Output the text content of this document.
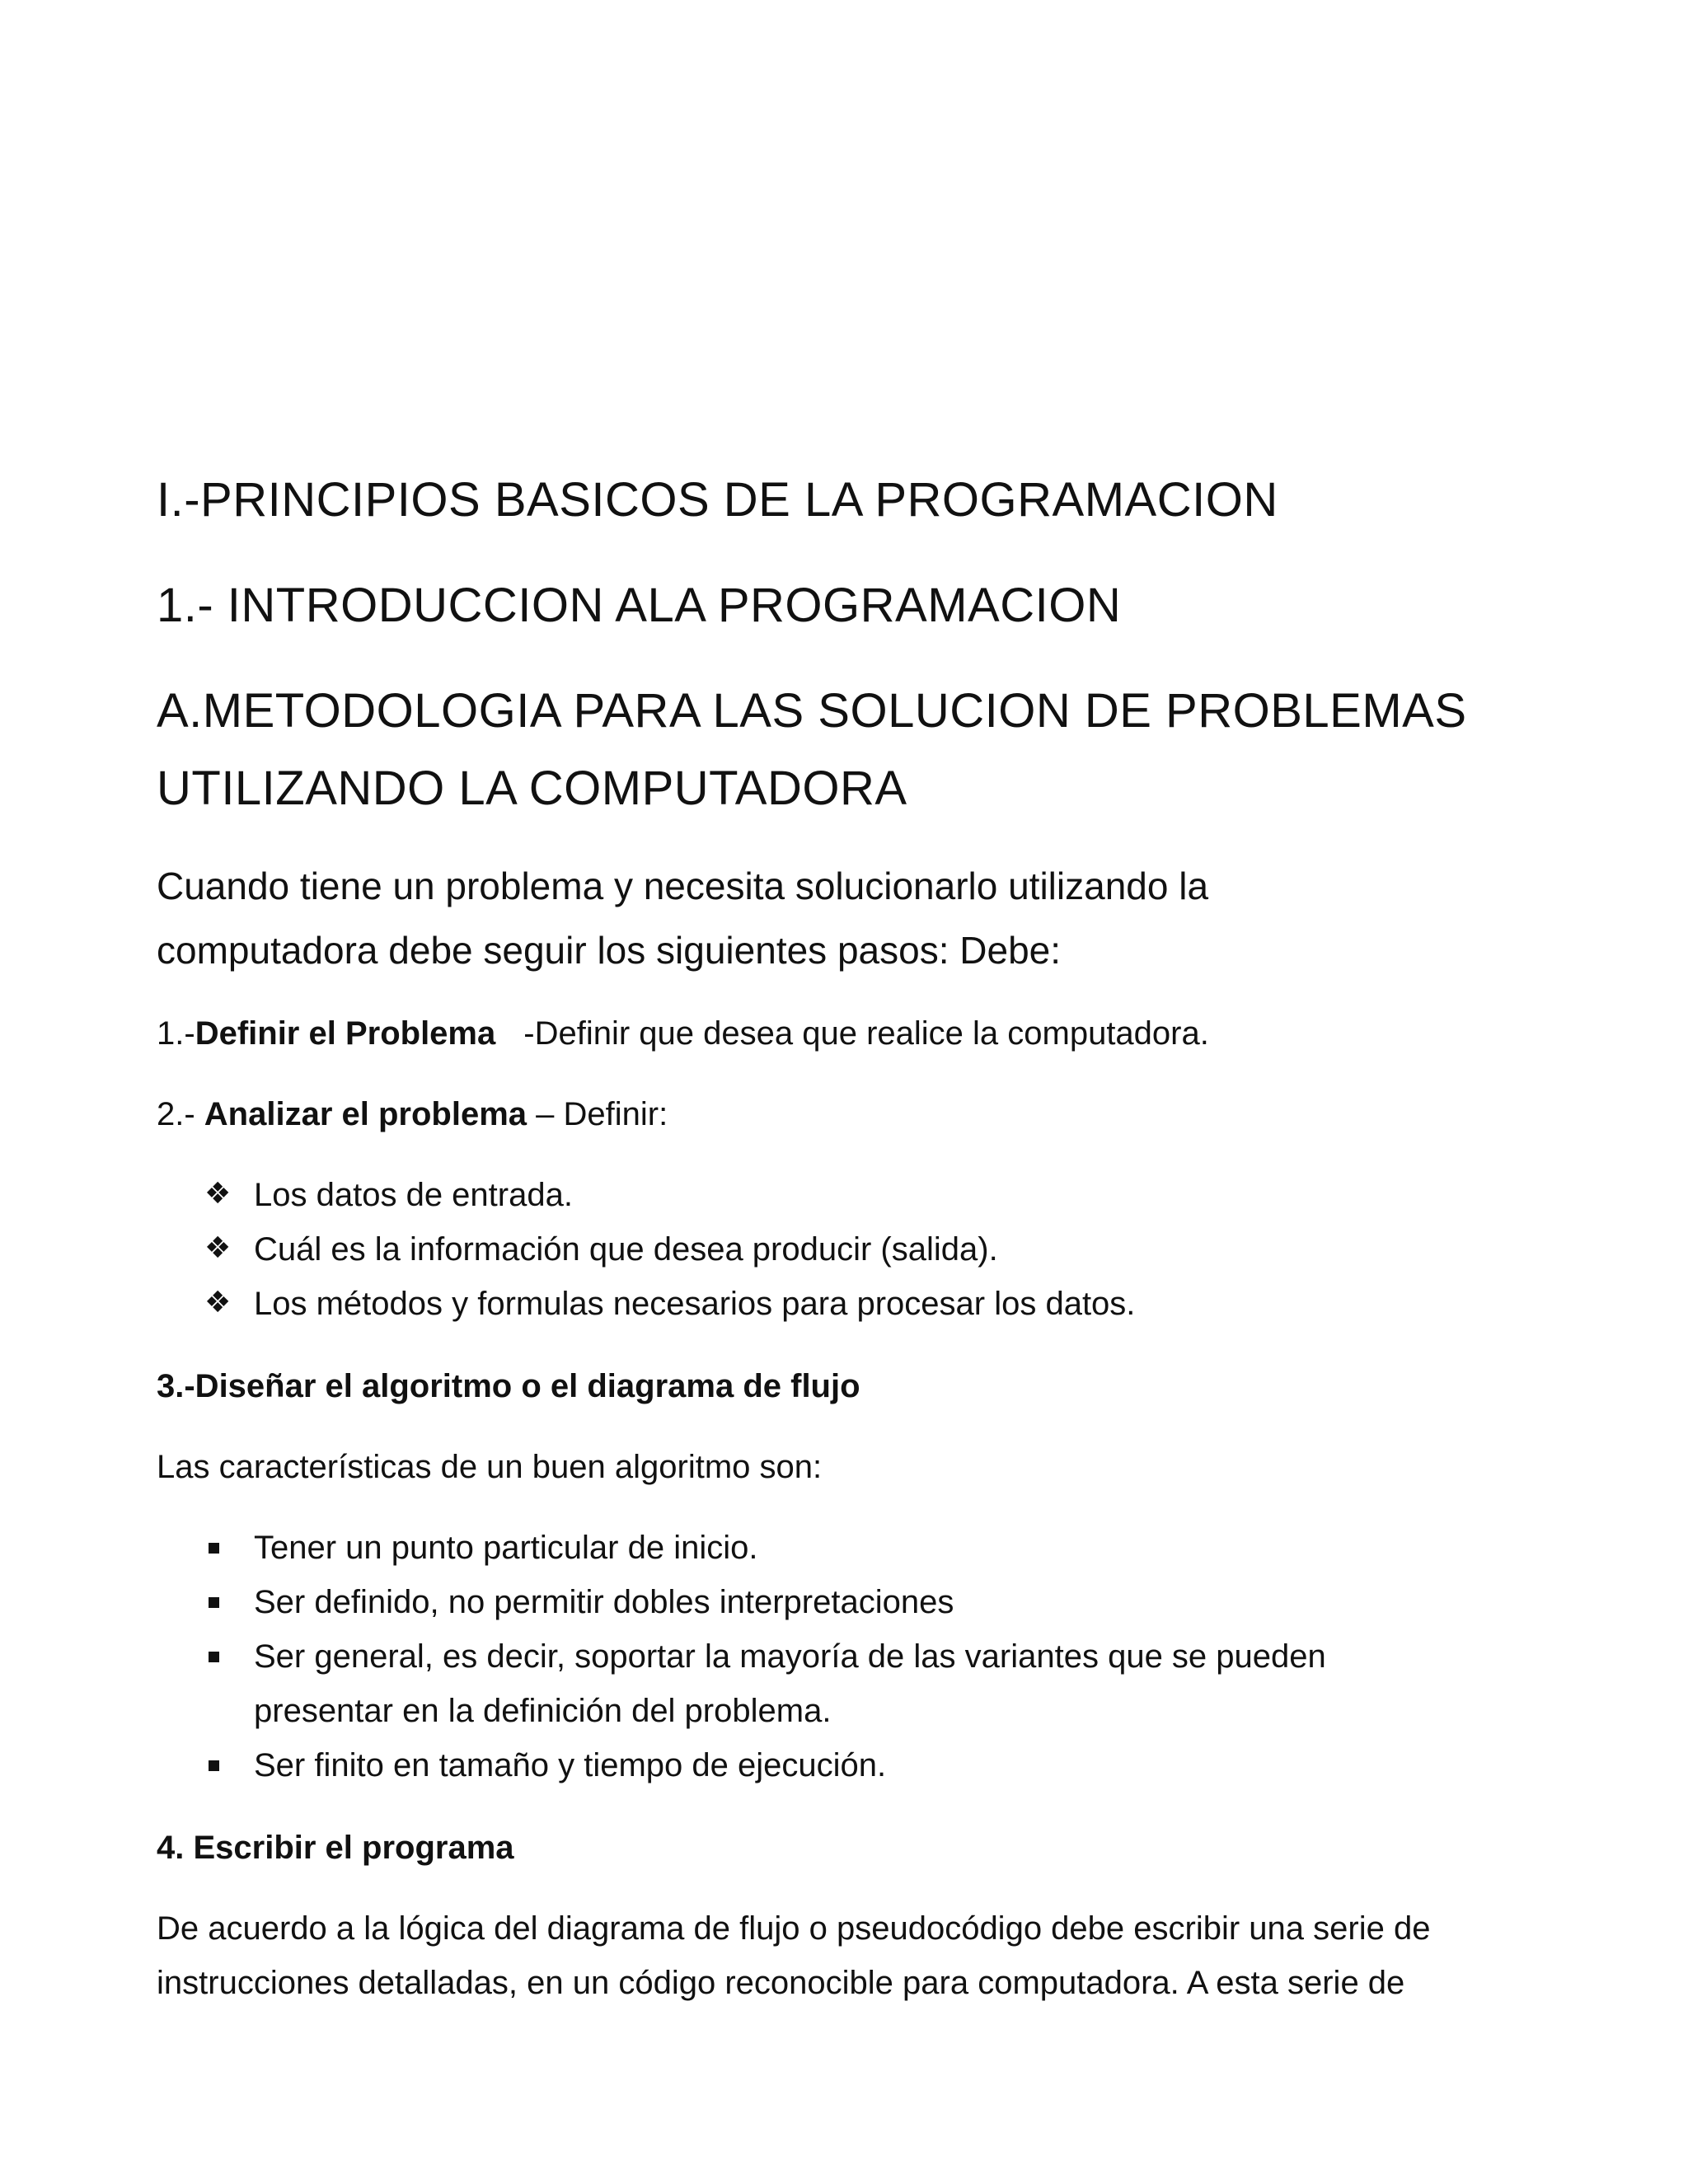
I.-PRINCIPIOS BASICOS DE LA PROGRAMACION
1.- INTRODUCCION ALA PROGRAMACION
A.METODOLOGIA PARA LAS SOLUCION DE PROBLEMAS
UTILIZANDO LA COMPUTADORA

Cuando tiene un problema y necesita solucionarlo utilizando la

computadora debe seguir los siguientes pasos: Debe:

1.-Definir el Problema -Definir que desea que realice la computadora.

2.- Analizar el problema – Definir:

❖ Los datos de entrada.
❖ Cuál es la información que desea producir (salida).
❖ Los métodos y formulas necesarios para procesar los datos.

3.-Diseñar el algoritmo o el diagrama de flujo

Las características de un buen algoritmo son:

Tener un punto particular de inicio.
Ser definido, no permitir dobles interpretaciones
Ser general, es decir, soportar la mayoría de las variantes que se pueden
presentar en la definición del problema.
Ser finito en tamaño y tiempo de ejecución.

4. Escribir el programa

De acuerdo a la lógica del diagrama de flujo o pseudocódigo debe escribir una serie de

instrucciones detalladas, en un código reconocible para computadora. A esta serie de
